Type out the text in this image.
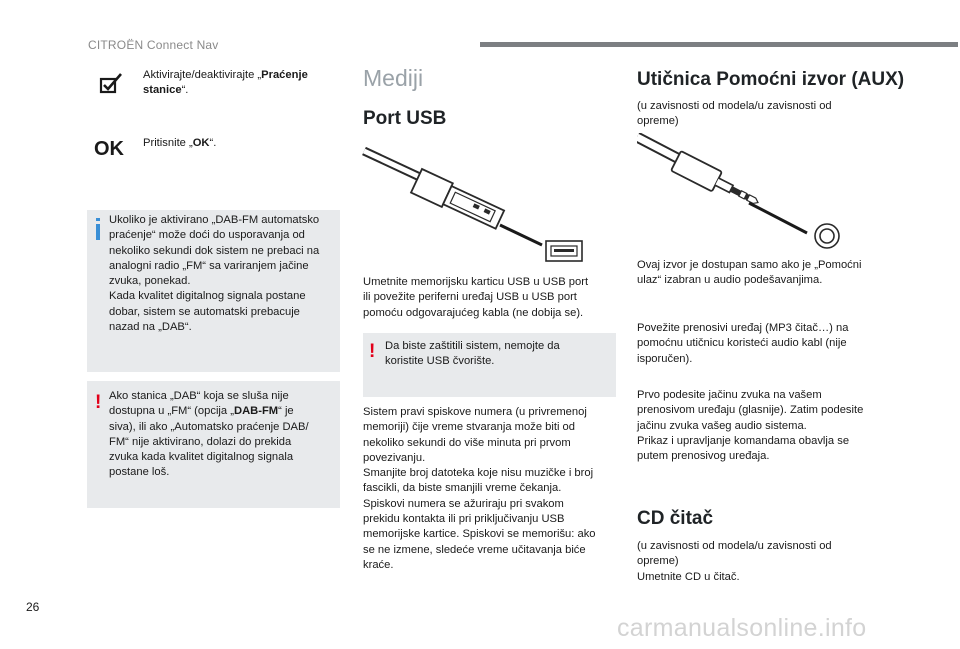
CITROËN Connect Nav
Aktivirajte/deaktivirajte „Praćenje stanice“.
OK Pritisnite „OK“.

Ukoliko je aktivirano „DAB-FM automatsko

praćenje“ može doći do usporavanja od

nekoliko sekundi dok sistem ne prebaci na

analogni radio „FM“ sa variranjem jačine

zvuka, ponekad.

Kada kvalitet digitalnog signala postane

dobar, sistem se automatski prebacuje

nazad na „DAB“.

! Ako stanica „DAB“ koja se sluša nije

dostupna u „FM“ (opcija „DAB-FM“ je

siva), ili ako „Automatsko praćenje DAB/

FM“ nije aktivirano, dolazi do prekida

zvuka kada kvalitet digitalnog signala

postane loš.

Mediji
Port USB

Umetnite memorijsku karticu USB u USB port

ili povežite periferni uređaj USB u USB port

pomoću odgovarajućeg kabla (ne dobija se).

! Da biste zaštitili sistem, nemojte da

koristite USB čvorište.

Sistem pravi spiskove numera (u privremenoj

memoriji) čije vreme stvaranja može biti od

nekoliko sekundi do više minuta pri prvom

povezivanju.

Smanjite broj datoteka koje nisu muzičke i broj

fascikli, da biste smanjili vreme čekanja.

Spiskovi numera se ažuriraju pri svakom

prekidu kontakta ili pri priključivanju USB

memorijske kartice. Spiskovi se memorišu: ako

se ne izmene, sledeće vreme učitavanja biće

kraće.

Utičnica Pomoćni izvor (AUX)

(u zavisnosti od modela/u zavisnosti od

opreme)

Ovaj izvor je dostupan samo ako je „Pomoćni

ulaz“ izabran u audio podešavanjima.

Povežite prenosivi uređaj (MP3 čitač…) na

pomoćnu utičnicu koristeći audio kabl (nije

isporučen).

Prvo podesite jačinu zvuka na vašem

prenosivom uređaju (glasnije). Zatim podesite

jačinu zvuka vašeg audio sistema.

Prikaz i upravljanje komandama obavlja se

putem prenosivog uređaja.

CD čitač

(u zavisnosti od modela/u zavisnosti od

opreme)

Umetnite CD u čitač.

26
carmanualsonline.info
